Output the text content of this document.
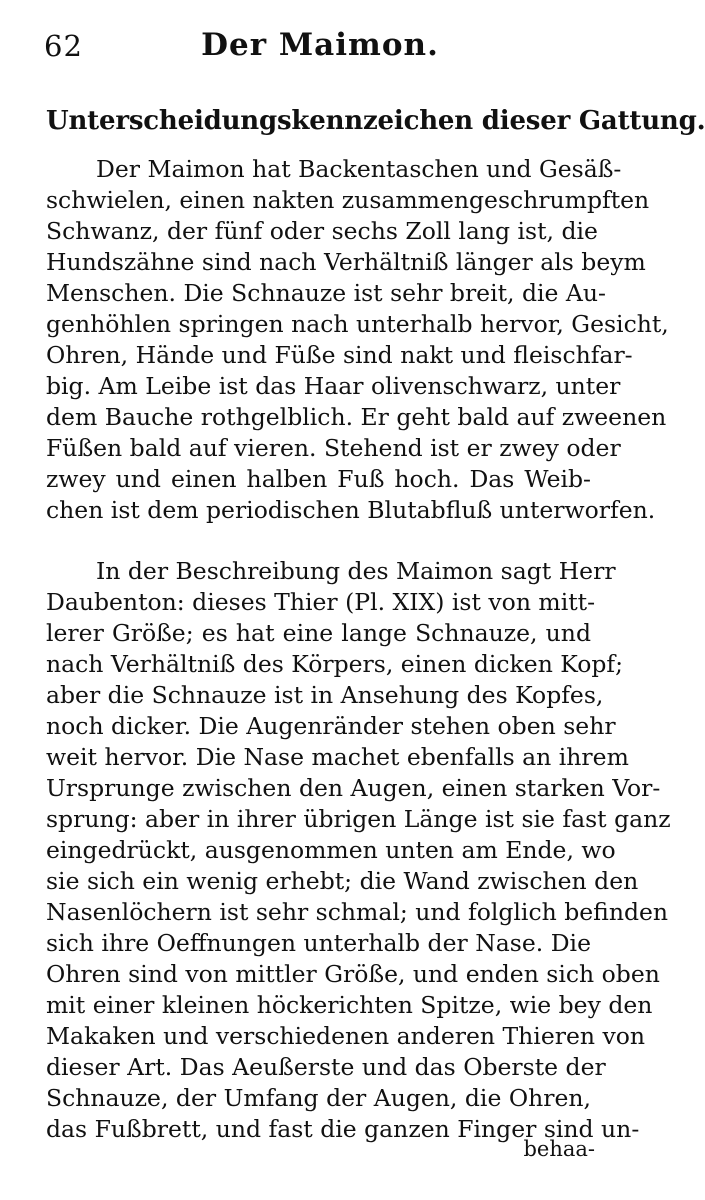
62	Der Maimon.
Unterscheidungskennzeichen dieser Gattung.
Der Maimon hat Backentaschen und Gesäß-
schwielen, einen nakten zusammengeschrumpften
Schwanz, der fünf oder sechs Zoll lang ist, die
Hundszähne sind nach Verhältniß länger als beym
Menschen. Die Schnauze ist sehr breit, die Au-
genhöhlen springen nach unterhalb hervor, Gesicht,
Ohren, Hände und Füße sind nakt und fleischfar-
big. Am Leibe ist das Haar olivenschwarz, unter
dem Bauche rothgelblich. Er geht bald auf zweenen
Füßen bald auf vieren. Stehend ist er zwey oder
zwey und einen halben Fuß hoch. Das Weib-
chen ist dem periodischen Blutabfluß unterworfen.
In der Beschreibung des Maimon sagt Herr
Daubenton: dieses Thier (Pl. XIX) ist von mitt-
lerer Größe; es hat eine lange Schnauze, und
nach Verhältniß des Körpers, einen dicken Kopf;
aber die Schnauze ist in Ansehung des Kopfes,
noch dicker. Die Augenränder stehen oben sehr
weit hervor. Die Nase machet ebenfalls an ihrem
Ursprunge zwischen den Augen, einen starken Vor-
sprung: aber in ihrer übrigen Länge ist sie fast ganz
eingedrückt, ausgenommen unten am Ende, wo
sie sich ein wenig erhebt; die Wand zwischen den
Nasenlöchern ist sehr schmal; und folglich befinden
sich ihre Oeffnungen unterhalb der Nase. Die
Ohren sind von mittler Größe, und enden sich oben
mit einer kleinen höckerichten Spitze, wie bey den
Makaken und verschiedenen anderen Thieren von
dieser Art. Das Aeußerste und das Oberste der
Schnauze, der Umfang der Augen, die Ohren,
das Fußbrett, und fast die ganzen Finger sind un-
behaa-
